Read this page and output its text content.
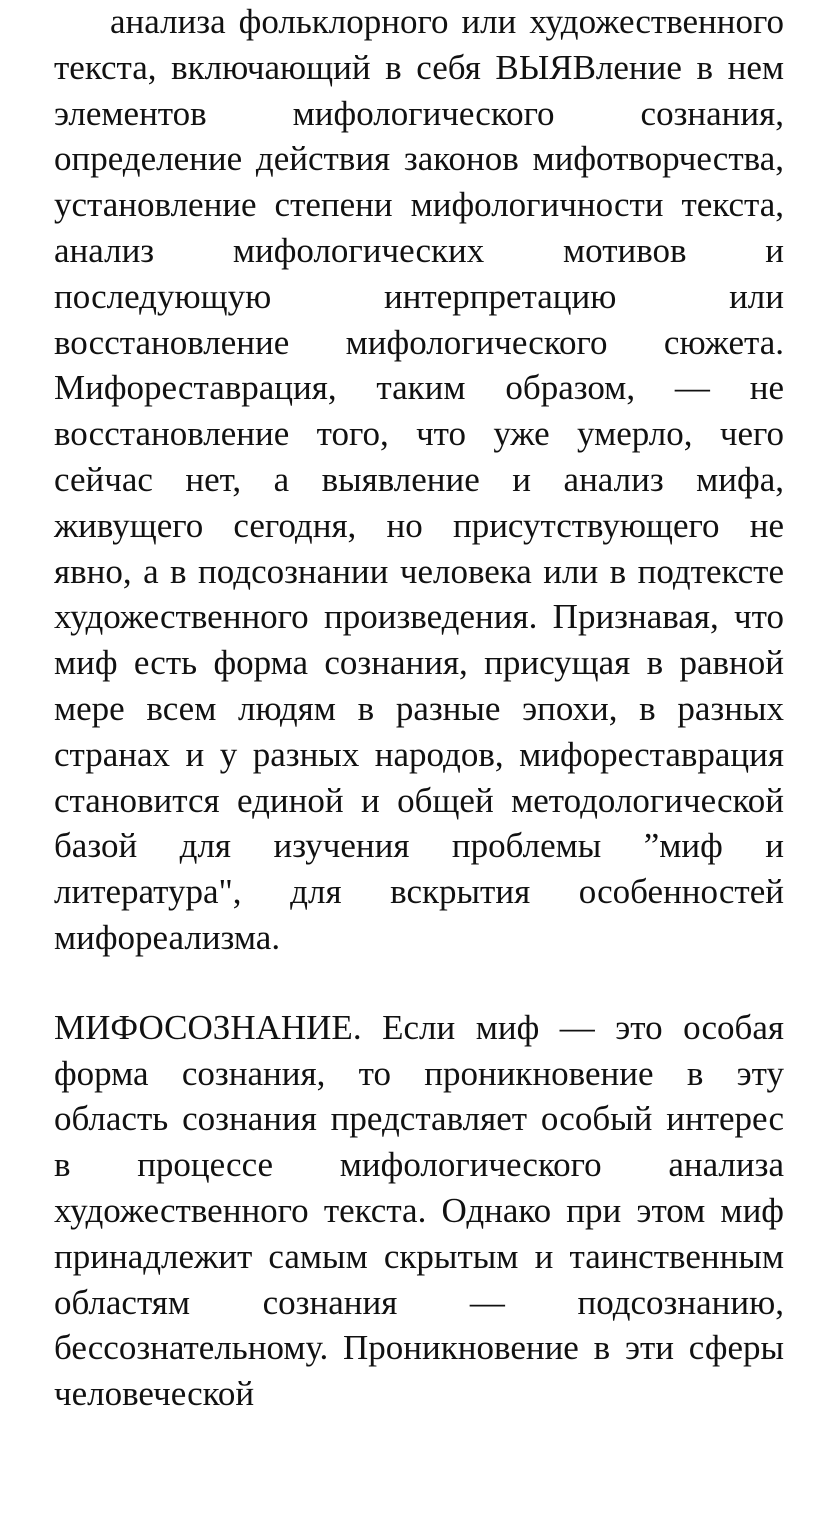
анализа фольклорного или художественного текста, включающий в себя ВЫЯВление в нем элементов мифологического сознания, определение действия законов мифотворчества, установление степени мифологичности текста, анализ мифологических мотивов и последующую интерпретацию или восстановление мифологического сюжета. Мифореставрация, таким образом, — не восстановление того, что уже умерло, чего сейчас нет, а выявление и анализ мифа, живущего сегодня, но присутствующего не явно, а в подсознании человека или в подтексте художественного произведения. Признавая, что миф есть форма сознания, присущая в равной мере всем людям в разные эпохи, в разных странах и у разных народов, мифореставрация становится единой и общей методологической базой для изучения проблемы ”миф и литература", для вскрытия особенностей мифореализма.

МИФОСОЗНАНИЕ. Если миф — это особая форма сознания, то проникновение в эту область сознания представляет особый интерес в процессе мифологического анализа художественного текста. Однако при этом миф принадлежит самым скрытым и таинственным областям сознания — подсознанию, бессознательному. Проникновение в эти сферы человеческой
